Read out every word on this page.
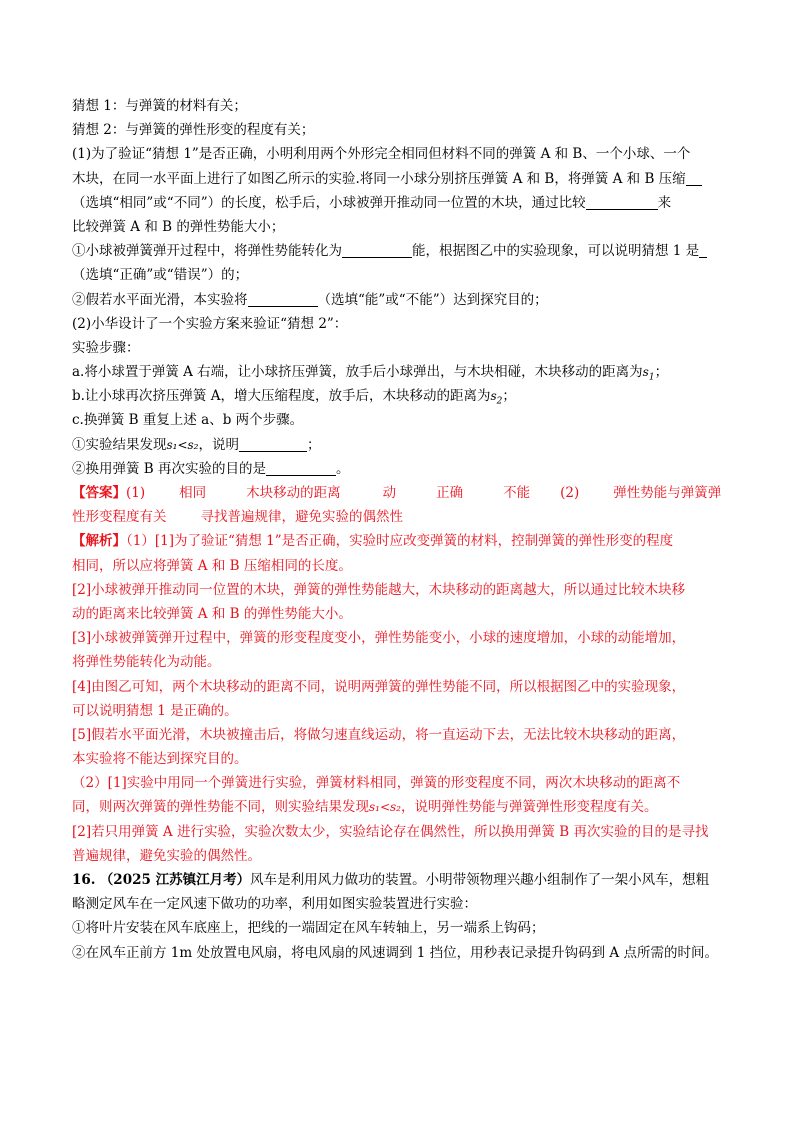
猜想 1：与弹簧的材料有关；
猜想 2：与弹簧的弹性形变的程度有关；
(1)为了验证“猜想 1”是否正确，小明利用两个外形完全相同但材料不同的弹簧 A 和 B、一个小球、一个
木块，在同一水平面上进行了如图乙所示的实验.将同一小球分别挤压弹簧 A 和 B，将弹簧 A 和 B 压缩
（选填“相同”或“不同”）的长度，松手后，小球被弹开推动同一位置的木块，通过比较	来
比较弹簧 A 和 B 的弹性势能大小；
①小球被弹簧弹开过程中，将弹性势能转化为	能，根据图乙中的实验现象，可以说明猜想 1 是
（选填“正确”或“错误”）的；
②假若水平面光滑，本实验将	（选填“能”或“不能”）达到探究目的；
(2)小华设计了一个实验方案来验证“猜想 2”：
实验步骤：
a.将小球置于弹簧 A 右端，让小球挤压弹簧，放手后小球弹出，与木块相碰，木块移动的距离为$s_1$；
b.让小球再次挤压弹簧 A，增大压缩程度，放手后，木块移动的距离为$s_2$；
c.换弹簧 B 重复上述 a、b 两个步骤。
①实验结果发现s₁<s₂，说明	；
②换用弹簧 B 再次实验的目的是	。
【答案】(1)	相同	木块移动的距离	动	正确	不能 (2)	弹性势能与弹簧弹
性形变程度有关	寻找普遍规律，避免实验的偶然性
【解析】（1）[1]为了验证“猜想 1”是否正确，实验时应改变弹簧的材料，控制弹簧的弹性形变的程度
相同，所以应将弹簧 A 和 B 压缩相同的长度。
[2]小球被弹开推动同一位置的木块，弹簧的弹性势能越大，木块移动的距离越大，所以通过比较木块移
动的距离来比较弹簧 A 和 B 的弹性势能大小。
[3]小球被弹簧弹开过程中，弹簧的形变程度变小，弹性势能变小，小球的速度增加，小球的动能增加，
将弹性势能转化为动能。
[4]由图乙可知，两个木块移动的距离不同，说明两弹簧的弹性势能不同，所以根据图乙中的实验现象，
可以说明猜想 1 是正确的。
[5]假若水平面光滑，木块被撞击后，将做匀速直线运动，将一直运动下去，无法比较木块移动的距离，
本实验将不能达到探究目的。
（2）[1]实验中用同一个弹簧进行实验，弹簧材料相同，弹簧的形变程度不同，两次木块移动的距离不
同，则两次弹簧的弹性势能不同，则实验结果发现s₁<s₂，说明弹性势能与弹簧弹性形变程度有关。
[2]若只用弹簧 A 进行实验，实验次数太少，实验结论存在偶然性，所以换用弹簧 B 再次实验的目的是寻找
普遍规律，避免实验的偶然性。
16. （2025 江苏镇江月考）风车是利用风力做功的装置。小明带领物理兴趣小组制作了一架小风车，想粗
略测定风车在一定风速下做功的功率，利用如图实验装置进行实验：
①将叶片安装在风车底座上，把线的一端固定在风车转轴上，另一端系上钩码；
②在风车正前方 1m 处放置电风扇，将电风扇的风速调到 1 挡位，用秒表记录提升钩码到 A 点所需的时间。
